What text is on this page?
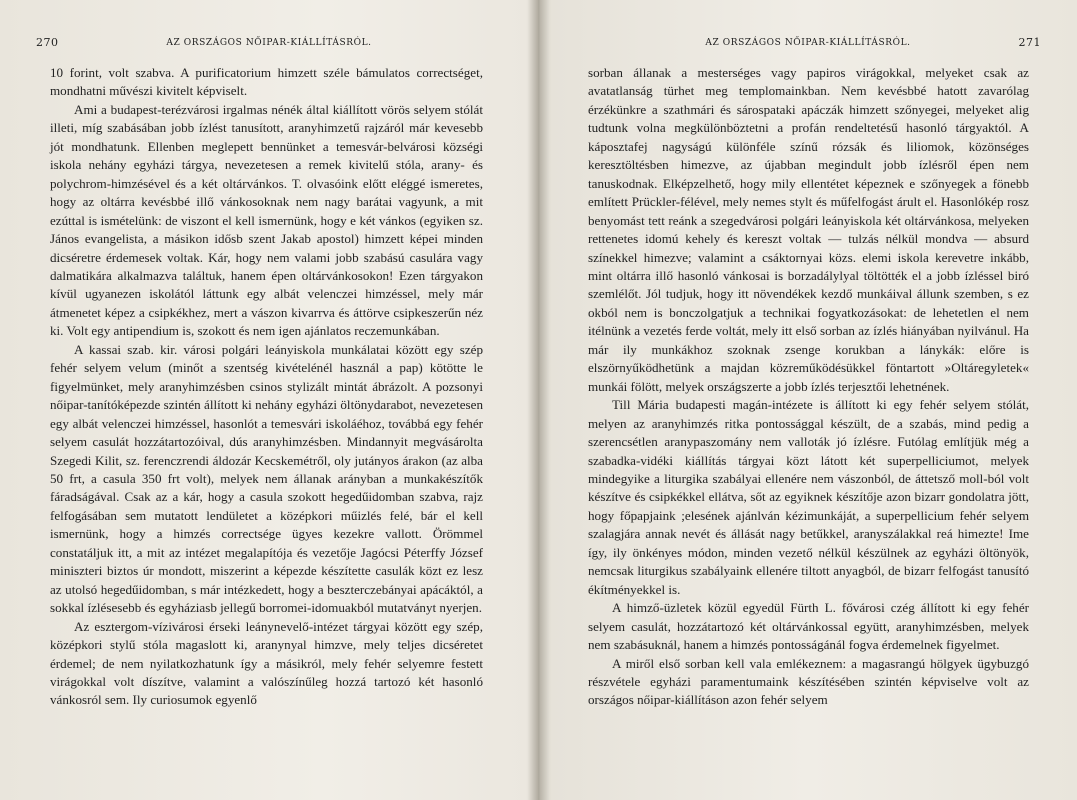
270	AZ ORSZÁGOS NŐIPAR-KIÁLLÍTÁSRÓL.

10 forint, volt szabva. A purificatorium himzett széle bámulatos correctséget, mondhatni művészi kivitelt képviselt.

Ami a budapest-terézvárosi irgalmas nénék által kiállított vörös selyem stólát illeti, míg szabásában jobb ízlést tanusított, aranyhimzetű rajzáról már kevesebb jót mondhatunk. Ellenben meglepett bennünket a temesvár-belvárosi községi iskola nehány egyházi tárgya, nevezetesen a remek kivitelű stóla, arany- és polychrom-himzésével és a két oltárvánkos. T. olvasóink előtt eléggé ismeretes, hogy az oltárra kevésbbé illő vánkosoknak nem nagy barátai vagyunk, a mit ezúttal is ismételünk: de viszont el kell ismernünk, hogy e két vánkos (egyiken sz. János evangelista, a másikon idősb szent Jakab apostol) himzett képei minden dicséretre érdemesek voltak. Kár, hogy nem valami jobb szabású casulára vagy dalmatikára alkalmazva találtuk, hanem épen oltárvánkosokon! Ezen tárgyakon kívül ugyanezen iskolától láttunk egy albát velenczei himzéssel, mely már átmenetet képez a csipkékhez, mert a vászon kivarrva és áttörve csipkeszerűn néz ki. Volt egy antipendium is, szokott és nem igen ajánlatos reczemunkában.

A kassai szab. kir. városi polgári leányiskola munkálatai között egy szép fehér selyem velum (minőt a szentség kivételénél használ a pap) kötötte le figyelmünket, mely aranyhimzésben csinos stylizált mintát ábrázolt. A pozsonyi nőipar-tanítóképezde szintén állított ki nehány egyházi öltönydarabot, nevezetesen egy albát velenczei himzéssel, hasonlót a temesvári iskoláéhoz, továbbá egy fehér selyem casulát hozzátartozóival, dús aranyhimzésben. Mindannyit megvásárolta Szegedi Kilit, sz. ferenczrendi áldozár Kecskemétről, oly jutányos árakon (az alba 50 frt, a casula 350 frt volt), melyek nem állanak arányban a munkakészítők fáradságával. Csak az a kár, hogy a casula szokott hegedűidomban szabva, rajz felfogásában sem mutatott lendületet a középkori műizlés felé, bár el kell ismernünk, hogy a himzés correctsége ügyes kezekre vallott. Örömmel constatáljuk itt, a mit az intézet megalapítója és vezetője Jagócsi Péterffy József miniszteri biztos úr mondott, miszerint a képezde készítette casulák közt ez lesz az utolsó hegedűidomban, s már intézkedett, hogy a beszterczebányai apácáktól, a sokkal ízlésesebb és egyháziasb jellegű borromei-idomuakból mutatványt nyerjen.

Az esztergom-vízivárosi érseki leánynevelő-intézet tárgyai között egy szép, középkori stylű stóla magaslott ki, aranynyal himzve, mely teljes dicséretet érdemel; de nem nyilatkozhatunk így a másikról, mely fehér selyemre festett virágokkal volt díszítve, valamint a valószínűleg hozzá tartozó két hasonló vánkosról sem. Ily curiosumok egyenlő

AZ ORSZÁGOS NŐIPAR-KIÁLLÍTÁSRÓL.	271

sorban állanak a mesterséges vagy papiros virágokkal, melyeket csak az avatatlanság türhet meg templomainkban. Nem kevésbbé hatott zavarólag érzékünkre a szathmári és sárospataki apáczák himzett szőnyegei, melyeket alig tudtunk volna megkülönböztetni a profán rendeltetésű hasonló tárgyaktól. A káposztafej nagyságú különféle színű rózsák és liliomok, közönséges keresztöltésben himezve, az újabban megindult jobb ízlésről épen nem tanuskodnak. Elképzelhető, hogy mily ellentétet képeznek e szőnyegek a fönebb említett Prückler-félével, mely nemes stylt és műfelfogást árult el. Hasonlókép rosz benyomást tett reánk a szegedvárosi polgári leányiskola két oltárvánkosa, melyeken rettenetes idomú kehely és kereszt voltak — tulzás nélkül mondva — absurd színekkel himezve; valamint a csáktornyai közs. elemi iskola kerevetre inkább, mint oltárra illő hasonló vánkosai is borzadálylyal töltötték el a jobb ízléssel biró szemlélőt. Jól tudjuk, hogy itt növendékek kezdő munkáival állunk szemben, s ez okból nem is bonczolgatjuk a technikai fogyatkozásokat: de lehetetlen el nem itélnünk a vezetés ferde voltát, mely itt első sorban az ízlés hiányában nyilvánul. Ha már ily munkákhoz szoknak zsenge korukban a lánykák: előre is elszörnyűködhetünk a majdan közreműködésükkel föntartott »Oltáregyletek« munkái fölött, melyek országszerte a jobb ízlés terjesztői lehetnének.

Till Mária budapesti magán-intézete is állított ki egy fehér selyem stólát, melyen az aranyhimzés ritka pontossággal készült, de a szabás, mind pedig a szerencsétlen aranypaszomány nem valloták jó ízlésre. Futólag említjük még a szabadka-vidéki kiállítás tárgyai közt látott két superpelliciumot, melyek mindegyike a liturgika szabályai ellenére nem vászonból, de áttetsző moll-ból volt készítve és csipkékkel ellátva, sőt az egyiknek készítője azon bizarr gondolatra jött, hogy főpapjaink ;elesének ajánlván kézimunkáját, a superpellicium fehér selyem szalagjára annak nevét és állását nagy betűkkel, aranyszálakkal reá himezte! Ime így, ily önkényes módon, minden vezető nélkül készülnek az egyházi öltönyök, nemcsak liturgikus szabályaink ellenére tiltott anyagból, de bizarr felfogást tanusító ékítményekkel is.

A himző-üzletek közül egyedül Fürth L. fővárosi czég állított ki egy fehér selyem casulát, hozzátartozó két oltárvánkossal együtt, aranyhimzésben, melyek nem szabásuknál, hanem a himzés pontosságánál fogva érdemelnek figyelmet.

A miről első sorban kell vala emlékeznem: a magasrangú hölgyek ügybuzgó részvétele egyházi paramentumaink készítésében szintén képviselve volt az országos nőipar-kiállításon azon fehér selyem
